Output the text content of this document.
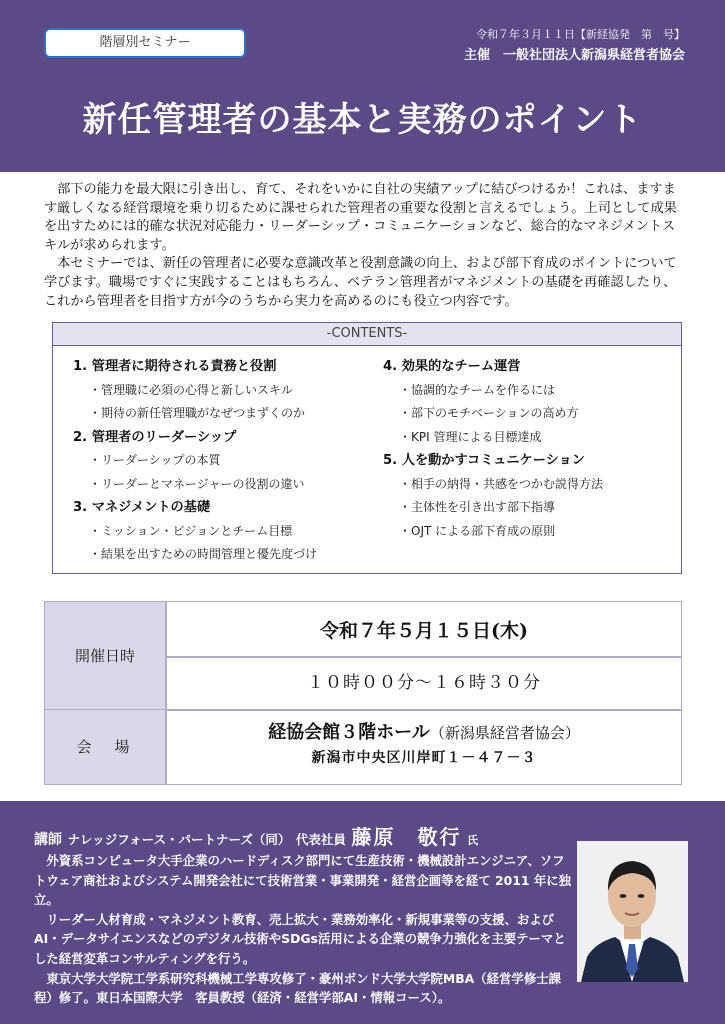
階層別セミナー
令和７年３月１１日【新経協発　第　号】
主催　一般社団法人新潟県経営者協会
新任管理者の基本と実務のポイント

部下の能力を最大限に引き出し、育て、それをいかに自社の実績アップに結びつけるか！これは、ますます厳しくなる経営環境を乗り切るために課せられた管理者の重要な役割と言えるでしょう。上司として成果を出すためには的確な状況対応能力・リーダーシップ・コミュニケーションなど、総合的なマネジメントスキルが求められます。

本セミナーでは、新任の管理者に必要な意識改革と役割意識の向上、および部下育成のポイントについて学びます。職場ですぐに実践することはもちろん、ベテラン管理者がマネジメントの基礎を再確認したり、これから管理者を目指す方が今のうちから実力を高めるのにも役立つ内容です。

-CONTENTS-
1. 管理者に期待される責務と役割
・管理職に必須の心得と新しいスキル
・期待の新任管理職がなぜつまずくのか
2. 管理者のリーダーシップ
・リーダーシップの本質
・リーダーとマネージャーの役割の違い
3. マネジメントの基礎
・ミッション・ビジョンとチーム目標
・結果を出すための時間管理と優先度づけ
4. 効果的なチーム運営
・協調的なチームを作るには
・部下のモチベーションの高め方
・KPI 管理による目標達成
5. 人を動かすコミュニケーション
・相手の納得・共感をつかむ説得方法
・主体性を引き出す部下指導
・OJT による部下育成の原則
開催日時
会　場
令和７年５月１５日(木)
１０時００分～１６時３０分
経協会館３階ホール（新潟県経営者協会）
新潟市中央区川岸町１－４７－３
講師 ナレッジフォース・パートナーズ（同） 代表社員 藤原　敬行 氏

外資系コンピュータ大手企業のハードディスク部門にて生産技術・機械設計エンジニア、ソフトウェア商社およびシステム開発会社にて技術営業・事業開発・経営企画等を経て 2011 年に独立。

リーダー人材育成・マネジメント教育、売上拡大・業務効率化・新規事業等の支援、およびAI・データサイエンスなどのデジタル技術やSDGs活用による企業の競争力強化を主要テーマとした経営変革コンサルティングを行う。

東京大学大学院工学系研究科機械工学専攻修了・豪州ボンド大学大学院MBA（経営学修士課程）修了。東日本国際大学　客員教授（経済・経営学部AI・情報コース）。
